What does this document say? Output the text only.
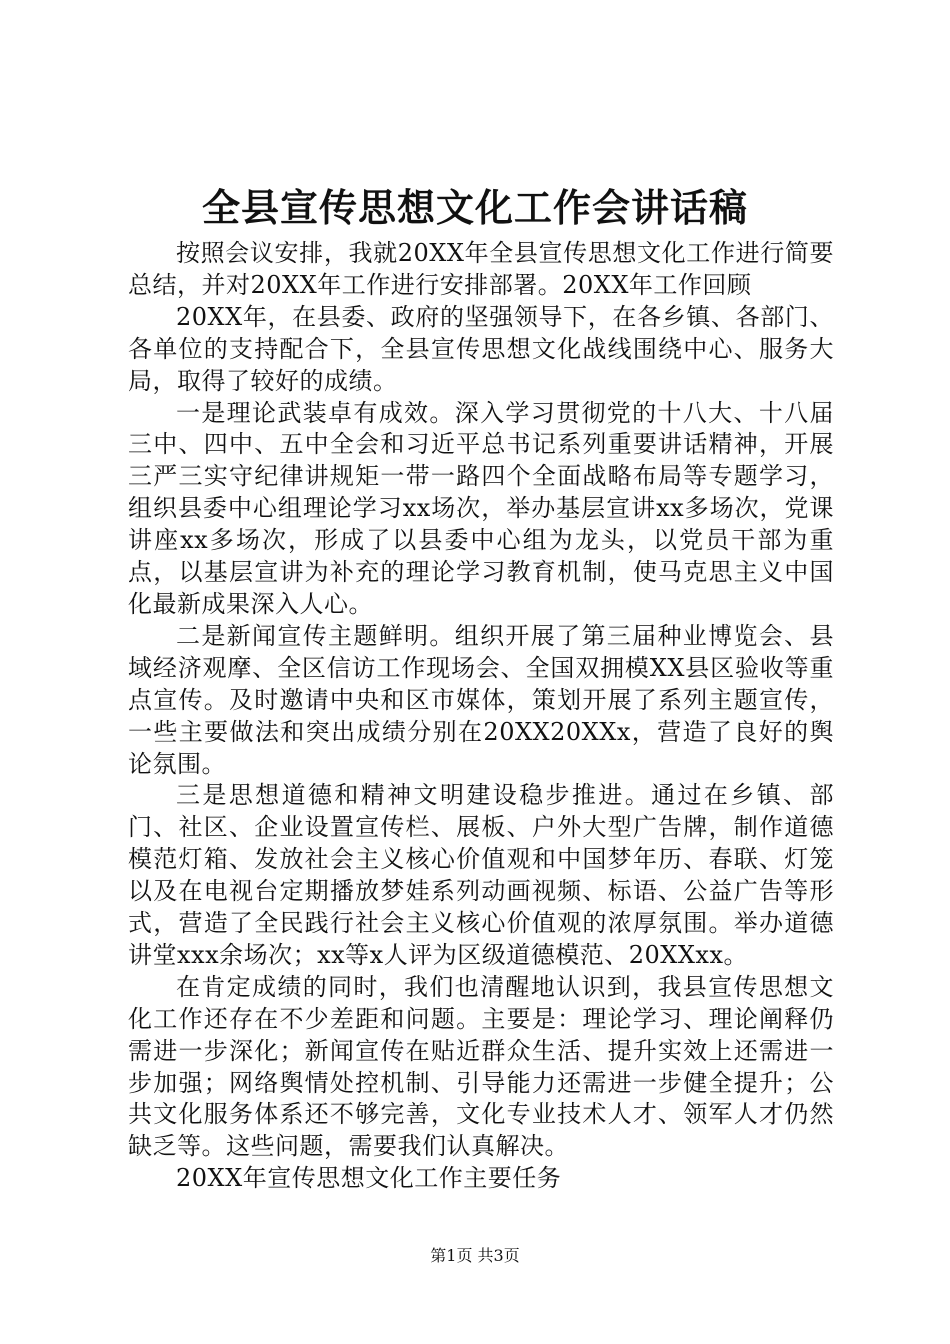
全县宣传思想文化工作会讲话稿

按照会议安排，我就20XX年全县宣传思想文化工作进行简要总结，并对20XX年工作进行安排部署。20XX年工作回顾

20XX年，在县委、政府的坚强领导下，在各乡镇、各部门、各单位的支持配合下，全县宣传思想文化战线围绕中心、服务大局，取得了较好的成绩。

一是理论武装卓有成效。深入学习贯彻党的十八大、十八届三中、四中、五中全会和习近平总书记系列重要讲话精神，开展三严三实守纪律讲规矩一带一路四个全面战略布局等专题学习，组织县委中心组理论学习xx场次，举办基层宣讲xx多场次，党课讲座xx多场次，形成了以县委中心组为龙头，以党员干部为重点，以基层宣讲为补充的理论学习教育机制，使马克思主义中国化最新成果深入人心。

二是新闻宣传主题鲜明。组织开展了第三届种业博览会、县域经济观摩、全区信访工作现场会、全国双拥模XX县区验收等重点宣传。及时邀请中央和区市媒体，策划开展了系列主题宣传，一些主要做法和突出成绩分别在20XX20XXx，营造了良好的舆论氛围。

三是思想道德和精神文明建设稳步推进。通过在乡镇、部门、社区、企业设置宣传栏、展板、户外大型广告牌，制作道德模范灯箱、发放社会主义核心价值观和中国梦年历、春联、灯笼以及在电视台定期播放梦娃系列动画视频、标语、公益广告等形式，营造了全民践行社会主义核心价值观的浓厚氛围。举办道德讲堂xxx余场次；xx等x人评为区级道德模范、20XXxx。

在肯定成绩的同时，我们也清醒地认识到，我县宣传思想文化工作还存在不少差距和问题。主要是：理论学习、理论阐释仍需进一步深化；新闻宣传在贴近群众生活、提升实效上还需进一步加强；网络舆情处控机制、引导能力还需进一步健全提升；公共文化服务体系还不够完善，文化专业技术人才、领军人才仍然缺乏等。这些问题，需要我们认真解决。

20XX年宣传思想文化工作主要任务

第1页 共3页
